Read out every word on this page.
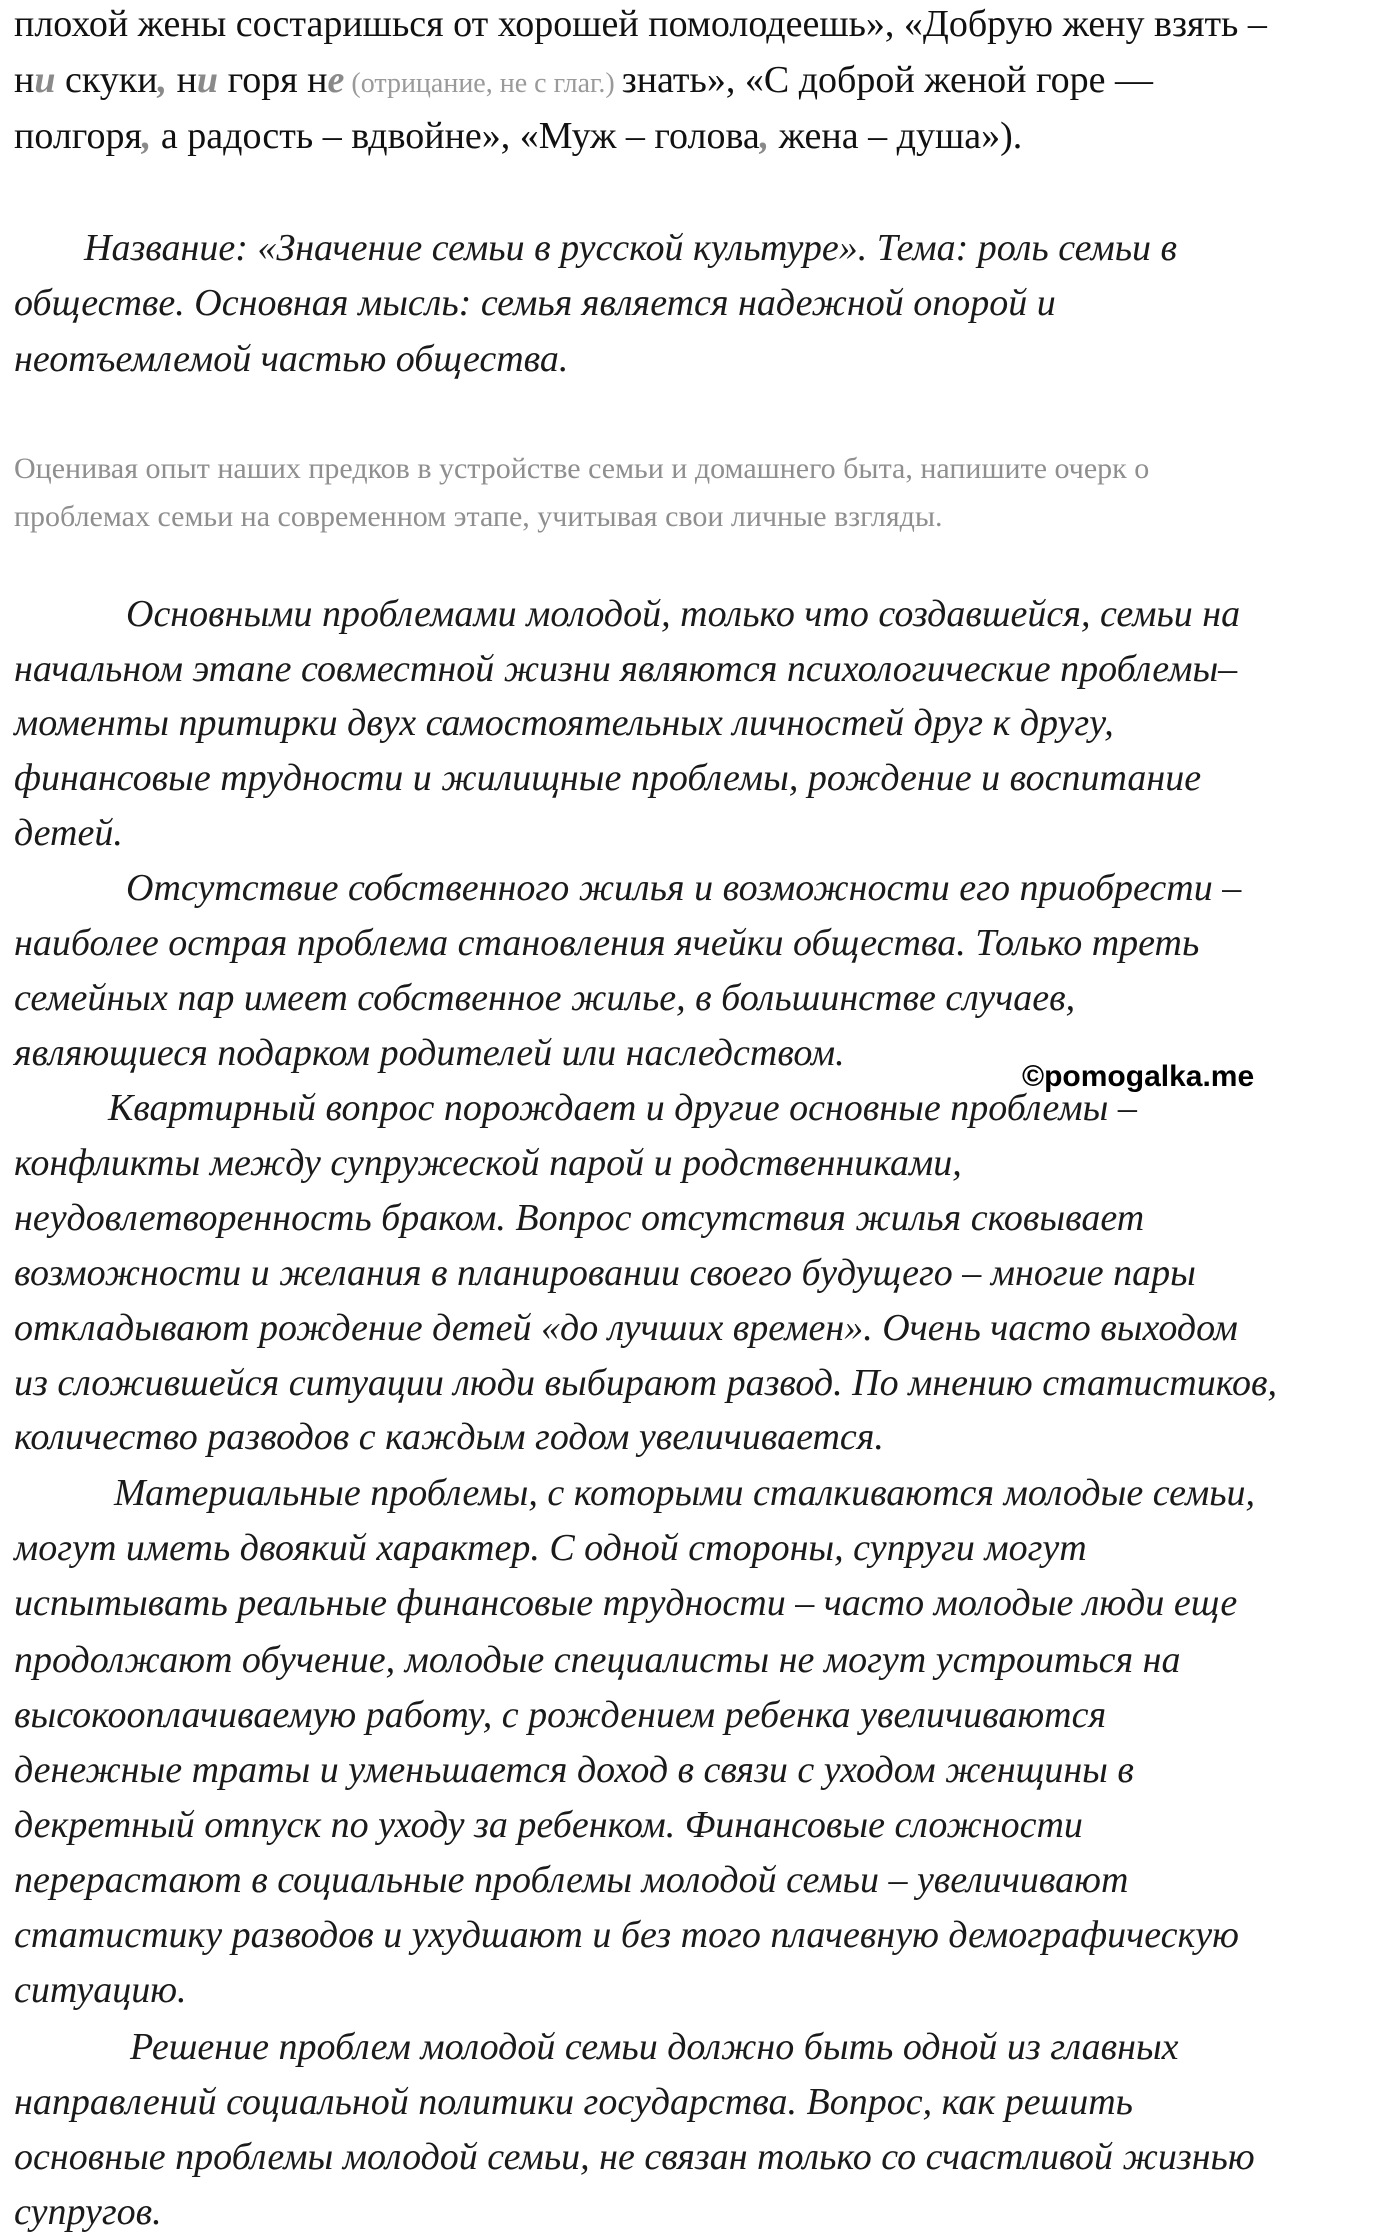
плохой жены состаришься от хорошей помолодеешь», «Добрую жену взять –

ни скуки, ни горя не (отрицание, не с глаг.) знать», «С доброй женой горе —

полгоря, а радость – вдвойне», «Муж – голова, жена – душа»).

Название: «Значение семьи в русской культуре». Тема: роль семьи в

обществе. Основная мысль: семья является надежной опорой и

неотъемлемой частью общества.

Оценивая опыт наших предков в устройстве семьи и домашнего быта, напишите очерк о

проблемах семьи на современном этапе, учитывая свои личные взгляды.

Основными проблемами молодой, только что создавшейся, семьи на

начальном этапе совместной жизни являются психологические проблемы–

моменты притирки двух самостоятельных личностей друг к другу,

финансовые трудности и жилищные проблемы, рождение и воспитание

детей.

Отсутствие собственного жилья и возможности его приобрести –

наиболее острая проблема становления ячейки общества. Только треть

семейных пар имеет собственное жилье, в большинстве случаев,

являющиеся подарком родителей или наследством.

©pomogalka.me

Квартирный вопрос порождает и другие основные проблемы –

конфликты между супружеской парой и родственниками,

неудовлетворенность браком. Вопрос отсутствия жилья сковывает

возможности и желания в планировании своего будущего – многие пары

откладывают рождение детей «до лучших времен». Очень часто выходом

из сложившейся ситуации люди выбирают развод. По мнению статистиков,

количество разводов с каждым годом увеличивается.

Материальные проблемы, с которыми сталкиваются молодые семьи,

могут иметь двоякий характер. С одной стороны, супруги могут

испытывать реальные финансовые трудности – часто молодые люди еще

продолжают обучение, молодые специалисты не могут устроиться на

высокооплачиваемую работу, с рождением ребенка увеличиваются

денежные траты и уменьшается доход в связи с уходом женщины в

декретный отпуск по уходу за ребенком. Финансовые сложности

перерастают в социальные проблемы молодой семьи – увеличивают

статистику разводов и ухудшают и без того плачевную демографическую

ситуацию.

Решение проблем молодой семьи должно быть одной из главных

направлений социальной политики государства. Вопрос, как решить

основные проблемы молодой семьи, не связан только со счастливой жизнью

супругов.
